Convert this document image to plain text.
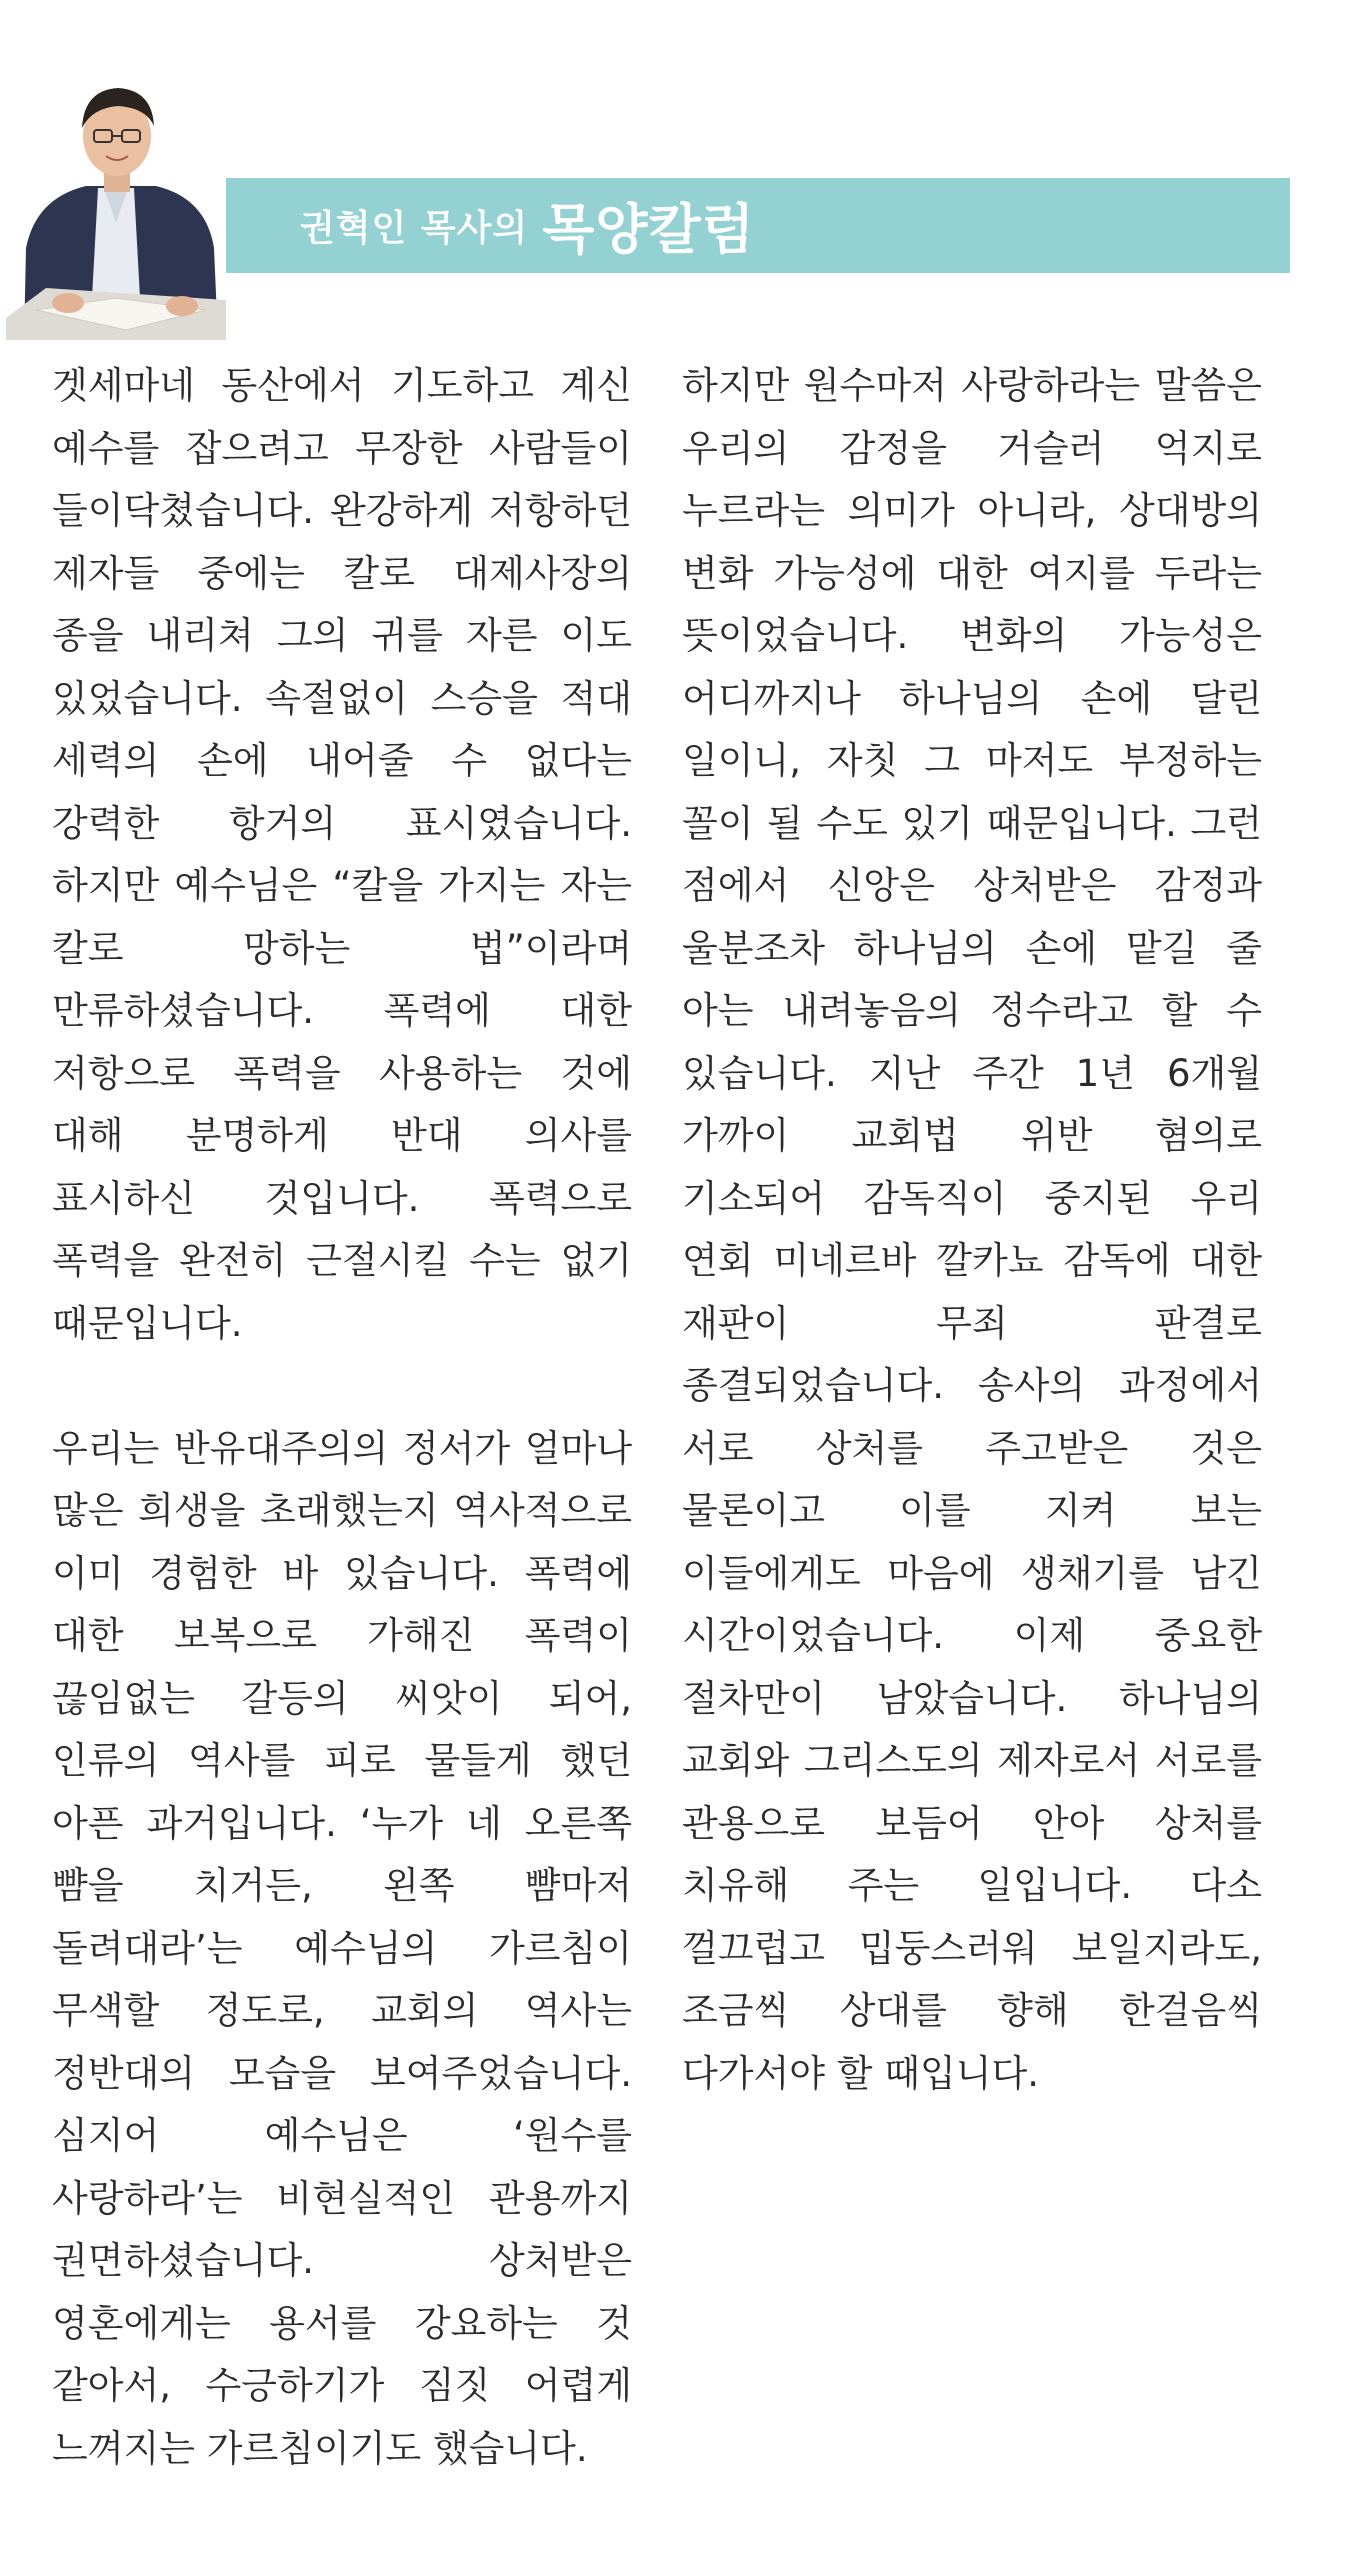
권혁인 목사의 목양칼럼

겟세마네 동산에서 기도하고 계신 예수를 잡으려고 무장한 사람들이 들이닥쳤습니다. 완강하게 저항하던 제자들 중에는 칼로 대제사장의 종을 내리쳐 그의 귀를 자른 이도 있었습니다. 속절없이 스승을 적대 세력의 손에 내어줄 수 없다는 강력한 항거의 표시였습니다. 하지만 예수님은 “칼을 가지는 자는 칼로 망하는 법”이라며 만류하셨습니다. 폭력에 대한 저항으로 폭력을 사용하는 것에 대해 분명하게 반대 의사를 표시하신 것입니다. 폭력으로 폭력을 완전히 근절시킬 수는 없기 때문입니다.

우리는 반유대주의의 정서가 얼마나 많은 희생을 초래했는지 역사적으로 이미 경험한 바 있습니다. 폭력에 대한 보복으로 가해진 폭력이 끊임없는 갈등의 씨앗이 되어, 인류의 역사를 피로 물들게 했던 아픈 과거입니다. ‘누가 네 오른쪽 뺨을 치거든, 왼쪽 뺨마저 돌려대라’는 예수님의 가르침이 무색할 정도로, 교회의 역사는 정반대의 모습을 보여주었습니다. 심지어 예수님은 ‘원수를 사랑하라’는 비현실적인 관용까지 권면하셨습니다. 상처받은 영혼에게는 용서를 강요하는 것 같아서, 수긍하기가 짐짓 어렵게 느껴지는 가르침이기도 했습니다.

하지만 원수마저 사랑하라는 말씀은 우리의 감정을 거슬러 억지로 누르라는 의미가 아니라, 상대방의 변화 가능성에 대한 여지를 두라는 뜻이었습니다. 변화의 가능성은 어디까지나 하나님의 손에 달린 일이니, 자칫 그 마저도 부정하는 꼴이 될 수도 있기 때문입니다. 그런 점에서 신앙은 상처받은 감정과 울분조차 하나님의 손에 맡길 줄 아는 내려놓음의 정수라고 할 수 있습니다. 지난 주간 1년 6개월 가까이 교회법 위반 혐의로 기소되어 감독직이 중지된 우리 연회 미네르바 깔카뇨 감독에 대한 재판이 무죄 판결로 종결되었습니다. 송사의 과정에서 서로 상처를 주고받은 것은 물론이고 이를 지켜 보는 이들에게도 마음에 생채기를 남긴 시간이었습니다. 이제 중요한 절차만이 남았습니다. 하나님의 교회와 그리스도의 제자로서 서로를 관용으로 보듬어 안아 상처를 치유해 주는 일입니다. 다소 껄끄럽고 밉둥스러워 보일지라도, 조금씩 상대를 향해 한걸음씩 다가서야 할 때입니다.
